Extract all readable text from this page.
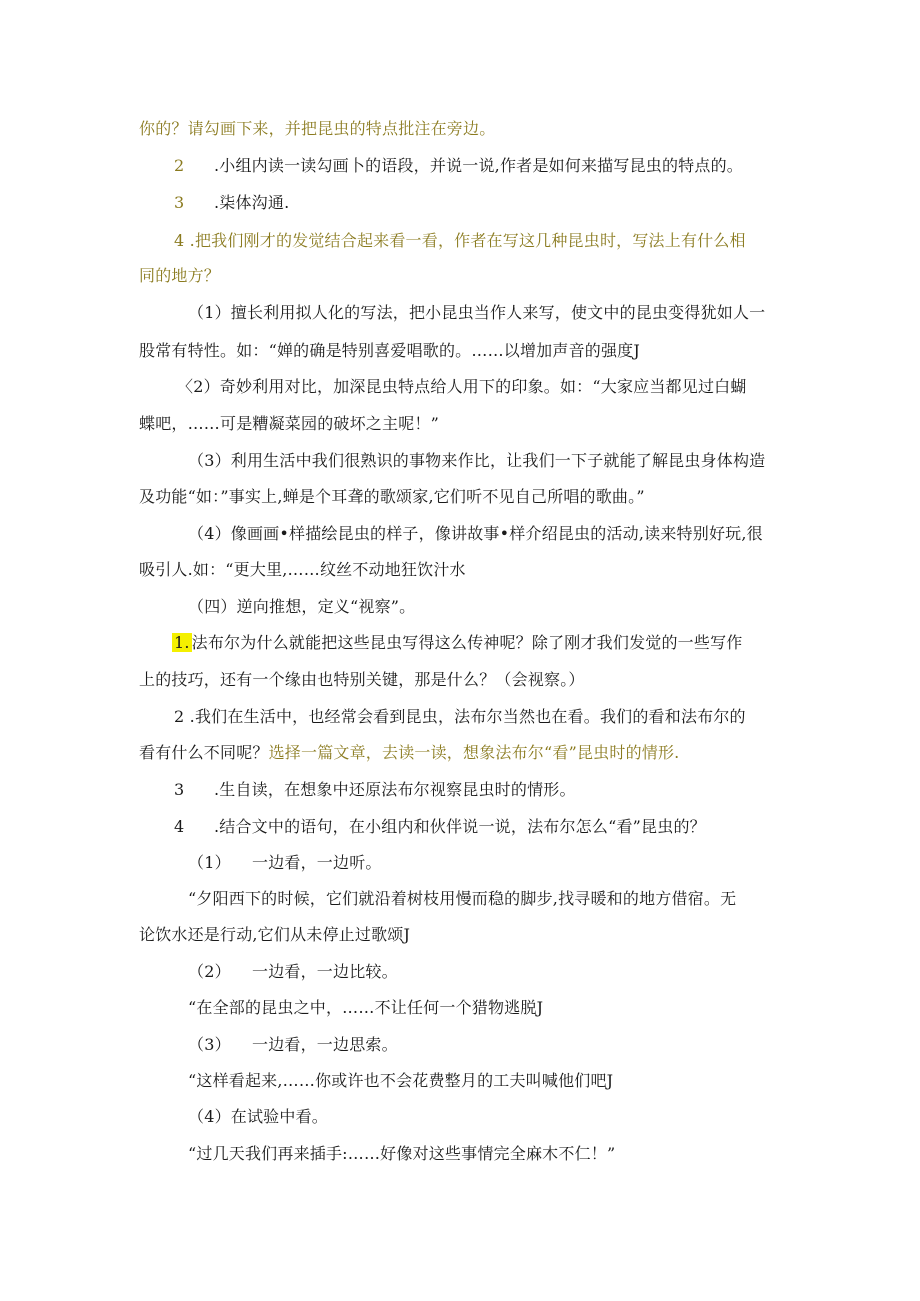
你的？请勾画下来，并把昆虫的特点批注在旁边。
2 .小组内读一读勾画卜的语段，并说一说,作者是如何来描写昆虫的特点的。
3 .柒体沟通.
4 .把我们刚才的发觉结合起来看一看，作者在写这几种昆虫时，写法上有什么相
同的地方？
（1）擅长利用拟人化的写法，把小昆虫当作人来写，使文中的昆虫变得犹如人一
股常有特性。如：“婵的确是特别喜爱唱歌的。……以增加声音的强度J
〈2）奇妙利用对比，加深昆虫特点给人用下的印象。如：“大家应当都见过白蝴
蝶吧，……可是糟凝菜园的破坏之主呢！”
（3）利用生活中我们很熟识的事物来作比，让我们一下子就能了解昆虫身体构造
及功能“如：”事实上,蝉是个耳聋的歌颂家,它们听不见自己所唱的歌曲。”
（4）像画画•样描绘昆虫的样子，像讲故事•样介绍昆虫的活动,读来特别好玩,很
吸引人.如：“更大里,……纹丝不动地狂饮汁水
（四）逆向推想，定义“视察”。
1. 法布尔为什么就能把这些昆虫写得这么传神呢？除了刚才我们发觉的一些写作
上的技巧，还有一个缘由也特别关键，那是什么？（会视察。）
2 .我们在生活中，也经常会看到昆虫，法布尔当然也在看。我们的看和法布尔的
看有什么不同呢？选择一篇文章，去读一读，想象法布尔“看”昆虫时的情形.
3 .生自读，在想象中还原法布尔视察昆虫时的情形。
4 .结合文中的语句，在小组内和伙伴说一说，法布尔怎么“看”昆虫的？
（1） 一边看，一边听。
“夕阳西下的时候，它们就沿着树枝用慢而稳的脚步,找寻暖和的地方借宿。无
论饮水还是行动,它们从未停止过歌颂J
（2） 一边看，一边比较。
“在全部的昆虫之中，……不让任何一个猎物逃脱J
（3） 一边看，一边思索。
“这样看起来,……你或许也不会花费整月的工夫叫喊他们吧J
（4）在试验中看。
“过几天我们再来插手:……好像对这些事情完全麻木不仁！”
